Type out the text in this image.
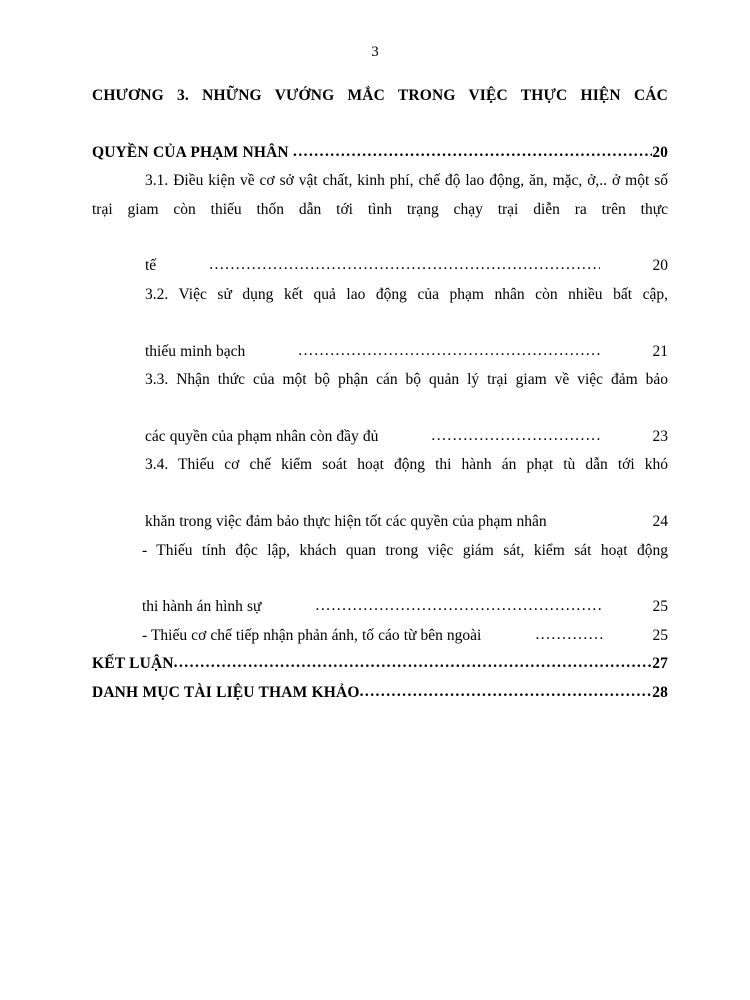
3
CHƯƠNG 3. NHỮNG VƯỚNG MẮC TRONG VIỆC THỰC HIỆN CÁC
QUYỀN CỦA PHẠM NHÂN .....	20
3.1. Điều kiện về cơ sở vật chất, kinh phí, chế độ lao động, ăn, mặc, ở,.. ở một số trại giam còn thiếu thốn dẫn tới tình trạng chạy trại diễn ra trên thực
tế .....	20
3.2. Việc sử dụng kết quả lao động của phạm nhân còn nhiều bất cập,
thiếu minh bạch .....	21
3.3. Nhận thức của một bộ phận cán bộ quản lý trại giam về việc đảm bảo
các quyền của phạm nhân còn đầy đủ .....	23
3.4. Thiếu cơ chế kiểm soát hoạt động thi hành án phạt tù dẫn tới khó
khăn trong việc đảm bảo thực hiện tốt các quyền của phạm nhân .....	24
- Thiếu tính độc lập, khách quan trong việc giám sát, kiểm sát hoạt động
thi hành án hình sự .....	25
- Thiếu cơ chế tiếp nhận phản ánh, tố cáo từ bên ngoài .....	25
KẾT LUẬN .....	27
DANH MỤC TÀI LIỆU THAM KHẢO .....	28
